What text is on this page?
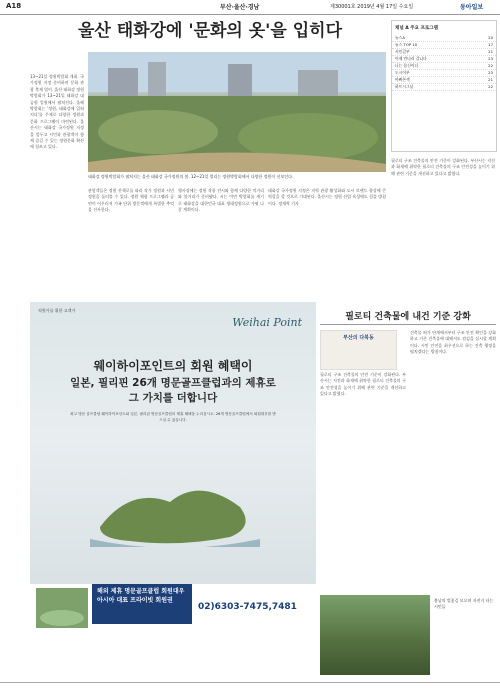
A18	부산·울산·경남	제30001호 2019년 4월 17일 수요일	동아일보
울산 태화강에 '문화의 옷'을 입히다
13~21일 정원박람회 개최. 국가정원 지정 준비하며 문화 관광 축제 열어. 울산 태화강 정원박람회가 13~21일 태화강 대공원 일원에서 펼쳐진다. 올해 박람회는 '정원, 태화강에 입혀지다'를 주제로 다양한 정원과 문화 프로그램이 마련된다. 울산시는 태화강 국가정원 지정을 앞두고 시민과 관광객이 함께 즐길 수 있는 정원문화 확산에 힘쓰고 있다.
태화강 정원박람회가 펼쳐지는 울산 태화강 국가정원의 봄. 12~21일 열리는 정원박람회에서 다양한 정원이 선보인다.
관람객들은 정원 산책로를 따라 작가 정원과 시민 정원을 둘러볼 수 있다. 정원 체험 프로그램과 공연이 어우러져 가족 단위 방문객에게 특별한 추억을 선사한다.
행사장에는 정원 작품 전시와 함께 다양한 먹거리와 볼거리가 준비됐다. 시는 이번 박람회를 계기로 태화강을 대한민국 대표 생태정원으로 가꿔 나갈 계획이다.
태화강 국가정원 지정은 지역 관광 활성화와 도시 브랜드 향상에 큰 역할을 할 것으로 기대된다. 울산시는 정원 산업 육성에도 힘쓸 방침이다. 정재락 기자
채널 A 주요 프로그램
뉴스A	20
뉴스 TOP 10	17
서민갑부	21
이제 만나러 갑니다	23
나는 몸신이다	22
도시어부	23
아빠본색	21
하트시그널	22
필로티 구조 건축물의 안전 기준이 강화된다. 부산시는 지진과 화재에 취약한 필로티 건축물의 구조 안전성을 높이기 위해 관련 기준을 개선하고 있다고 밝혔다.
직원가를 위한 고객가
Weihai Point
웨이하이포인트의 회원 혜택이
일본, 필리핀 26개 명문골프클럽과의 제휴로
그 가치를 더합니다
최고 명문 골프클럽 웨이하이포인트와 일본, 필리핀 명문골프클럽의 제휴 혜택을 누리십시오. 26개 명문골프클럽에서 회원대우를 받으실 수 있습니다.
해외 제휴 명문골프클럽 회원대우 아시아 대표 프라이빗 회원권
02)6303-7475,7481
필로티 건축물에 내건 기준 강화
부산의 다북동
필로티 구조 건축물의 안전 기준이 강화된다. 부산시는 지진과 화재에 취약한 필로티 건축물의 구조 안전성을 높이기 위해 관련 기준을 개선하고 있다고 밝혔다.
건축물 허가 단계에서부터 구조 안전 확인을 강화하고 기존 건축물에 대해서도 점검을 실시할 계획이다. 시민 안전을 최우선으로 하는 건축 행정을 펼치겠다는 방침이다.
봄날의 벚꽃길 모으며 자전거 타는 시민들
